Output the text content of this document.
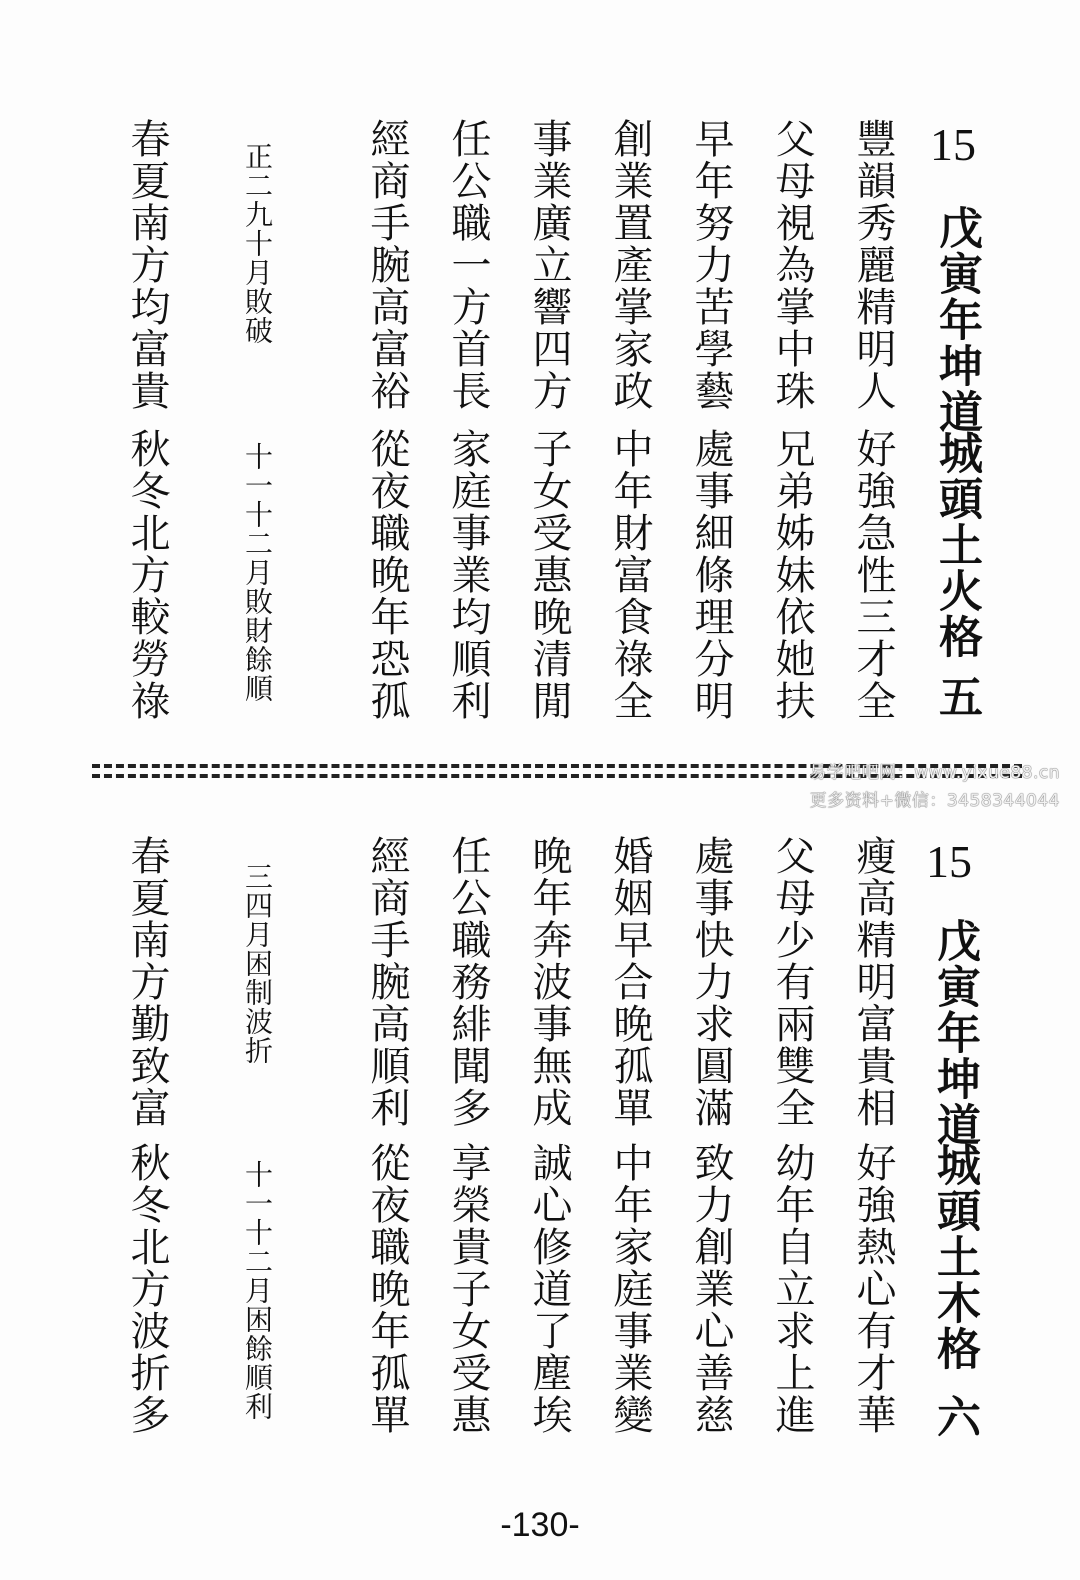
15
戊寅年坤道
城頭土火格
五
豐韻秀麗精明人
好強急性三才全
父母視為掌中珠
兄弟姊妹依她扶
早年努力苦學藝
處事細條理分明
創業置產掌家政
中年財富食祿全
事業廣立響四方
子女受惠晚清閒
任公職一方首長
家庭事業均順利
經商手腕高富裕
從夜職晚年恐孤
正二九十月敗破
十一十二月敗財餘順
春夏南方均富貴
秋冬北方較勞祿
易学吧吧网：www.yixue88.cn
更多资料+微信：3458344044
15
戊寅年坤道
城頭土木格
六
瘦高精明富貴相
好強熱心有才華
父母少有兩雙全
幼年自立求上進
處事快力求圓滿
致力創業心善慈
婚姻早合晚孤單
中年家庭事業變
晚年奔波事無成
誠心修道了塵埃
任公職務緋聞多
享榮貴子女受惠
經商手腕高順利
從夜職晚年孤單
三四月困制波折
十一十二月困餘順利
春夏南方勤致富
秋冬北方波折多
-130-
